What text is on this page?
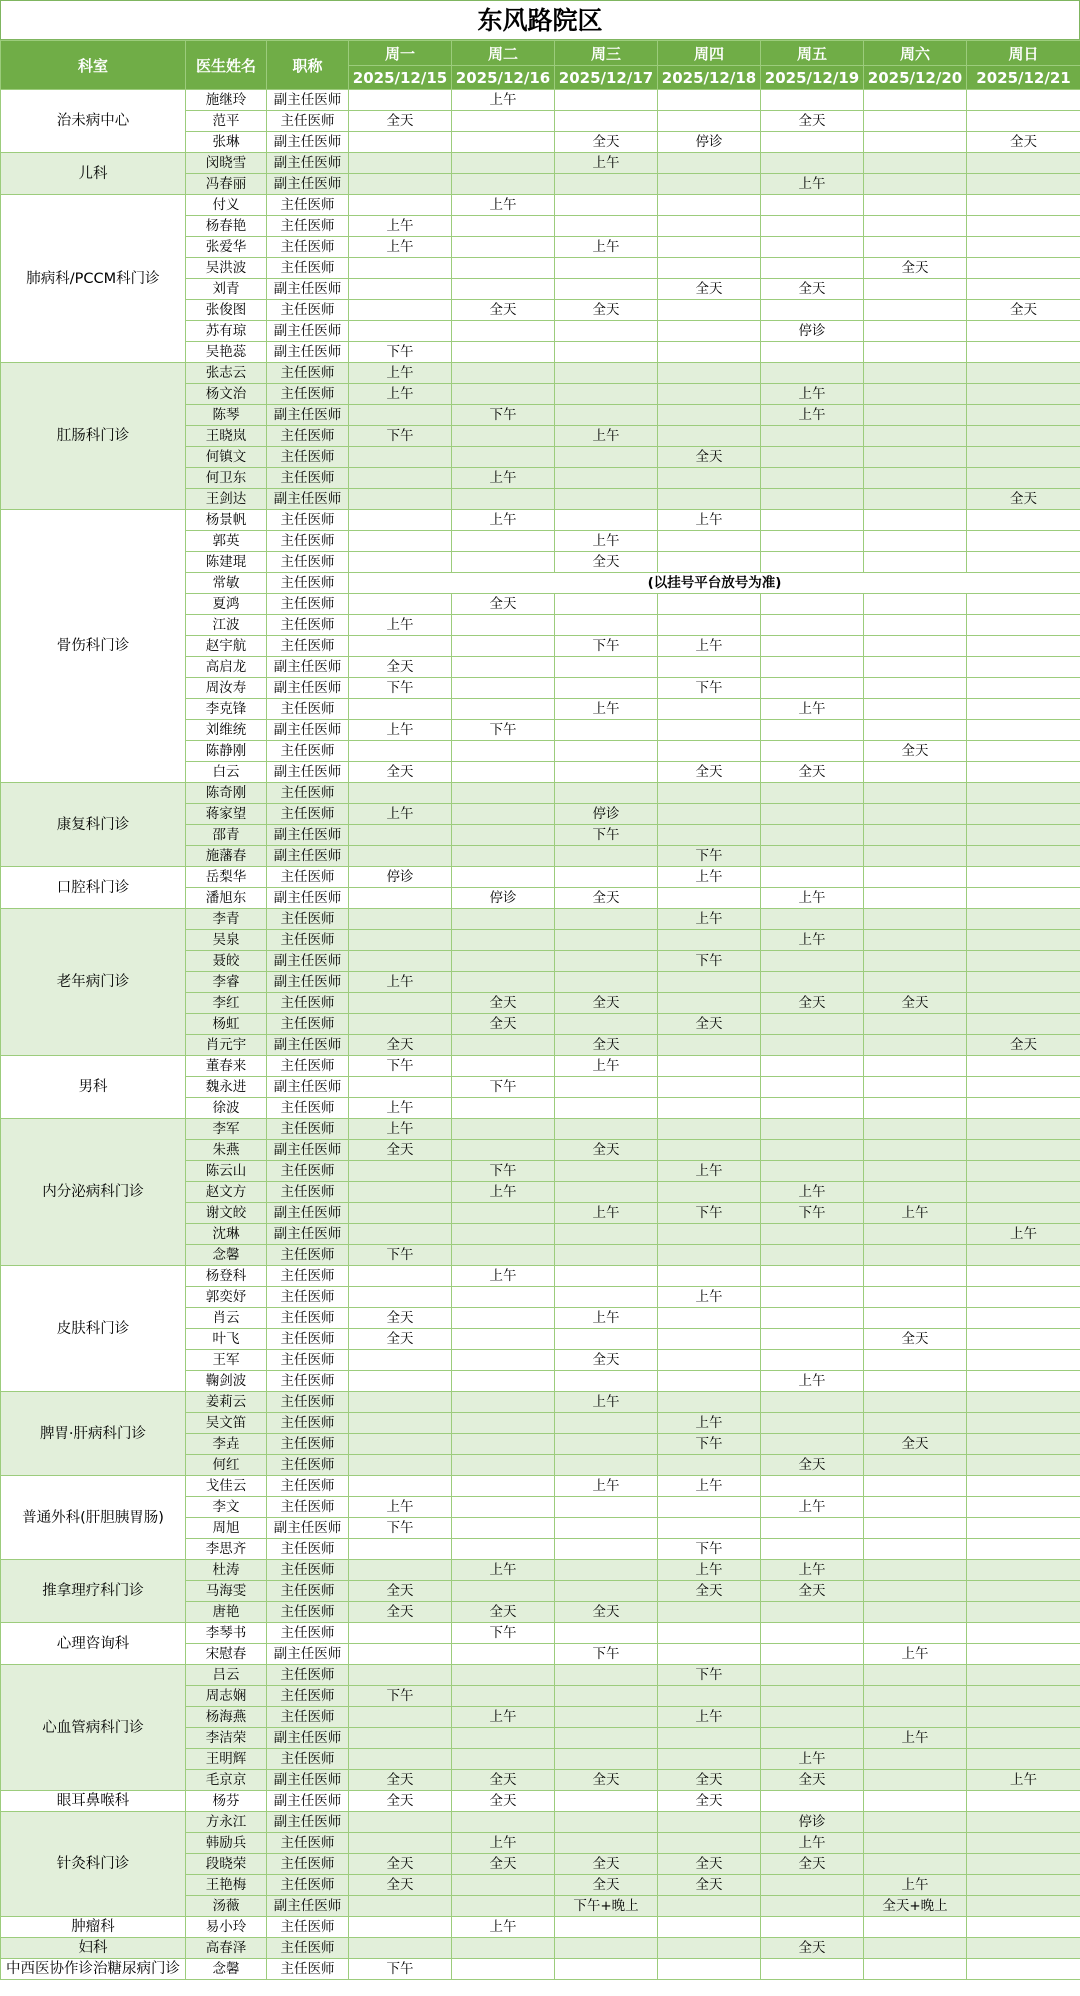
东风路院区
科室	医生姓名	职称	周一	周二	周三	周四	周五	周六	周日
			2025/12/15	2025/12/16	2025/12/17	2025/12/18	2025/12/19	2025/12/20	2025/12/21
治未病中心	施继玲	副主任医师		上午					
	范平	主任医师	全天				全天		
	张琳	副主任医师			全天	停诊			全天
儿科	闵晓雪	副主任医师			上午				
	冯春丽	副主任医师					上午		
肺病科/PCCM科门诊	付义	主任医师		上午					
	杨春艳	主任医师	上午						
	张爱华	主任医师	上午		上午				
	吴洪波	主任医师						全天	
	刘青	副主任医师				全天	全天		
	张俊图	主任医师		全天	全天				全天
	苏有琼	副主任医师					停诊		
	吴艳蕊	副主任医师	下午						
肛肠科门诊	张志云	主任医师	上午						
	杨文治	主任医师	上午				上午		
	陈琴	副主任医师		下午			上午		
	王晓岚	主任医师	下午		上午				
	何镇文	主任医师				全天			
	何卫东	主任医师		上午					
	王剑达	副主任医师							全天
骨伤科门诊	杨景帆	主任医师		上午		上午			
	郭英	主任医师			上午				
	陈建琨	主任医师			全天				
	常敏	主任医师	(以挂号平台放号为准)						
	夏鸿	主任医师		全天					
	江波	主任医师	上午						
	赵宇航	主任医师			下午	上午			
	高启龙	副主任医师	全天						
	周汝寿	副主任医师	下午			下午			
	李克锋	主任医师			上午		上午		
	刘维统	副主任医师	上午	下午					
	陈静刚	主任医师						全天	
	白云	副主任医师	全天			全天	全天		
康复科门诊	陈奇刚	主任医师							
	蒋家望	主任医师	上午		停诊				
	邵青	副主任医师			下午				
	施藩春	副主任医师				下午			
口腔科门诊	岳梨华	主任医师	停诊			上午			
	潘旭东	副主任医师		停诊	全天		上午		
老年病门诊	李青	主任医师				上午			
	吴泉	主任医师					上午		
	聂皎	副主任医师				下午			
	李睿	副主任医师	上午						
	李红	主任医师		全天	全天		全天	全天	
	杨虹	主任医师		全天		全天			
	肖元宇	副主任医师	全天		全天				全天
男科	董春来	主任医师	下午		上午				
	魏永进	副主任医师		下午					
	徐波	主任医师	上午						
内分泌病科门诊	李军	主任医师	上午						
	朱燕	副主任医师	全天		全天				
	陈云山	主任医师		下午		上午			
	赵文方	主任医师		上午			上午		
	谢文皎	副主任医师			上午	下午	下午	上午	
	沈琳	副主任医师							上午
	念馨	主任医师	下午						
皮肤科门诊	杨登科	主任医师		上午					
	郭奕妤	主任医师				上午			
	肖云	主任医师	全天		上午				
	叶飞	主任医师	全天					全天	
	王军	主任医师			全天				
	鞠剑波	主任医师					上午		
脾胃·肝病科门诊	姜莉云	主任医师			上午				
	吴文笛	主任医师				上午			
	李垚	主任医师				下午		全天	
	何红	主任医师					全天		
普通外科(肝胆胰胃肠)	戈佳云	主任医师			上午	上午			
	李文	主任医师	上午				上午		
	周旭	副主任医师	下午						
	李思齐	主任医师				下午			
推拿理疗科门诊	杜涛	主任医师		上午		上午	上午		
	马海雯	主任医师	全天			全天	全天		
	唐艳	主任医师	全天	全天	全天				
心理咨询科	李琴书	主任医师		下午					
	宋慰春	副主任医师			下午			上午	
心血管病科门诊	吕云	主任医师				下午			
	周志娴	主任医师	下午						
	杨海燕	主任医师		上午		上午			
	李洁荣	副主任医师						上午	
	王明辉	主任医师					上午		
	毛京京	副主任医师	全天	全天	全天	全天	全天		上午
眼耳鼻喉科	杨芬	副主任医师	全天	全天		全天			
针灸科门诊	方永江	副主任医师					停诊		
	韩励兵	主任医师		上午			上午		
	段晓荣	主任医师	全天	全天	全天	全天	全天		
	王艳梅	主任医师	全天		全天	全天		上午	
	汤薇	副主任医师			下午+晚上			全天+晚上	
肿瘤科	易小玲	主任医师		上午					
妇科	高春泽	主任医师					全天		
中西医协作诊治糖尿病门诊	念馨	主任医师	下午						
